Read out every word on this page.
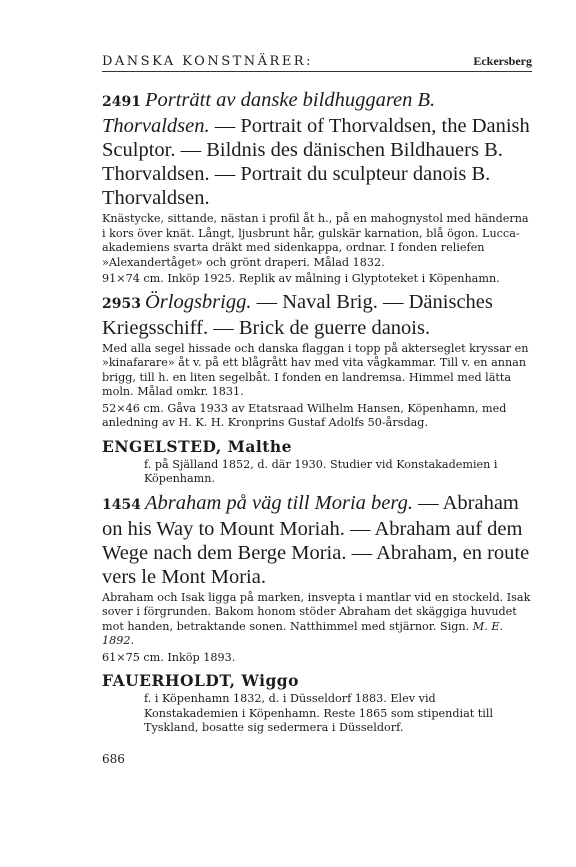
DANSKA KONSTNÄRER:	Eckersberg
2491 Porträtt av danske bildhuggaren B. Thorvaldsen. — Portrait of Thorvaldsen, the Danish Sculptor. — Bildnis des dänischen Bildhauers B. Thorvaldsen. — Portrait du sculpteur danois B. Thorvaldsen.
Knästycke, sittande, nästan i profil åt h., på en mahognystol med händerna i kors över knät. Långt, ljusbrunt hår, gulskär karnation, blå ögon. Lucca-akademiens svarta dräkt med sidenkappa, ordnar. I fonden reliefen »Alexandertåget» och grönt draperi. Målad 1832.
91×74 cm. Inköp 1925. Replik av målning i Glyptoteket i Köpenhamn.
2953 Örlogsbrigg. — Naval Brig. — Dänisches Kriegsschiff. — Brick de guerre danois.
Med alla segel hissade och danska flaggan i topp på akterseglet kryssar en »kinafarare» åt v. på ett blågrått hav med vita vågkammar. Till v. en annan brigg, till h. en liten segelbåt. I fonden en landremsa. Himmel med lätta moln. Målad omkr. 1831.
52×46 cm. Gåva 1933 av Etatsraad Wilhelm Hansen, Köpenhamn, med anledning av H. K. H. Kronprins Gustaf Adolfs 50-årsdag.
ENGELSTED, Malthe
f. på Själland 1852, d. där 1930. Studier vid Konstakademien i Köpenhamn.
1454 Abraham på väg till Moria berg. — Abraham on his Way to Mount Moriah. — Abraham auf dem Wege nach dem Berge Moria. — Abraham, en route vers le Mont Moria.
Abraham och Isak ligga på marken, insvepta i mantlar vid en stockeld. Isak sover i förgrunden. Bakom honom stöder Abraham det skäggiga huvudet mot handen, betraktande sonen. Natthimmel med stjärnor. Sign. M. E. 1892.
61×75 cm. Inköp 1893.
FAUERHOLDT, Wiggo
f. i Köpenhamn 1832, d. i Düsseldorf 1883. Elev vid Konstakademien i Köpenhamn. Reste 1865 som stipendiat till Tyskland, bosatte sig sedermera i Düsseldorf.
686
